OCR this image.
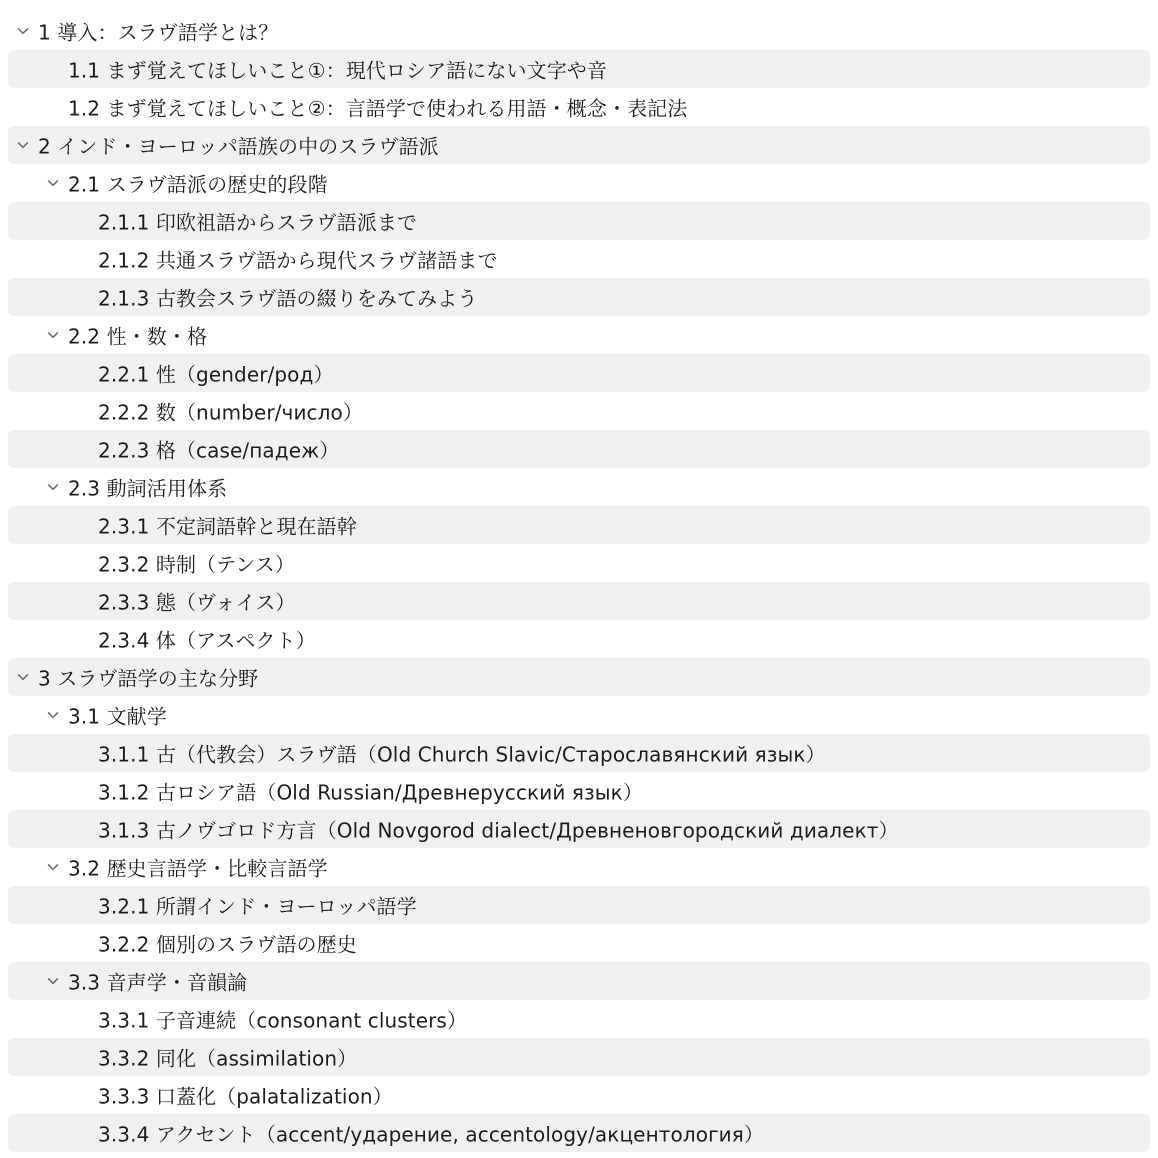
1 導入：スラヴ語学とは？
1.1 まず覚えてほしいこと①：現代ロシア語にない文字や音
1.2 まず覚えてほしいこと②：言語学で使われる用語・概念・表記法
2 インド・ヨーロッパ語族の中のスラヴ語派
2.1 スラヴ語派の歴史的段階
2.1.1 印欧祖語からスラヴ語派まで
2.1.2 共通スラヴ語から現代スラヴ諸語まで
2.1.3 古教会スラヴ語の綴りをみてみよう
2.2 性・数・格
2.2.1 性（gender/род）
2.2.2 数（number/число）
2.2.3 格（case/падеж）
2.3 動詞活用体系
2.3.1 不定詞語幹と現在語幹
2.3.2 時制（テンス）
2.3.3 態（ヴォイス）
2.3.4 体（アスペクト）
3 スラヴ語学の主な分野
3.1 文献学
3.1.1 古（代教会）スラヴ語（Old Church Slavic/Старославянский язык）
3.1.2 古ロシア語（Old Russian/Древнерусский язык）
3.1.3 古ノヴゴロド方言（Old Novgorod dialect/Древненовгородский диалект）
3.2 歴史言語学・比較言語学
3.2.1 所謂インド・ヨーロッパ語学
3.2.2 個別のスラヴ語の歴史
3.3 音声学・音韻論
3.3.1 子音連続（consonant clusters）
3.3.2 同化（assimilation）
3.3.3 口蓋化（palatalization）
3.3.4 アクセント（accent/ударение, accentology/акцентология）
